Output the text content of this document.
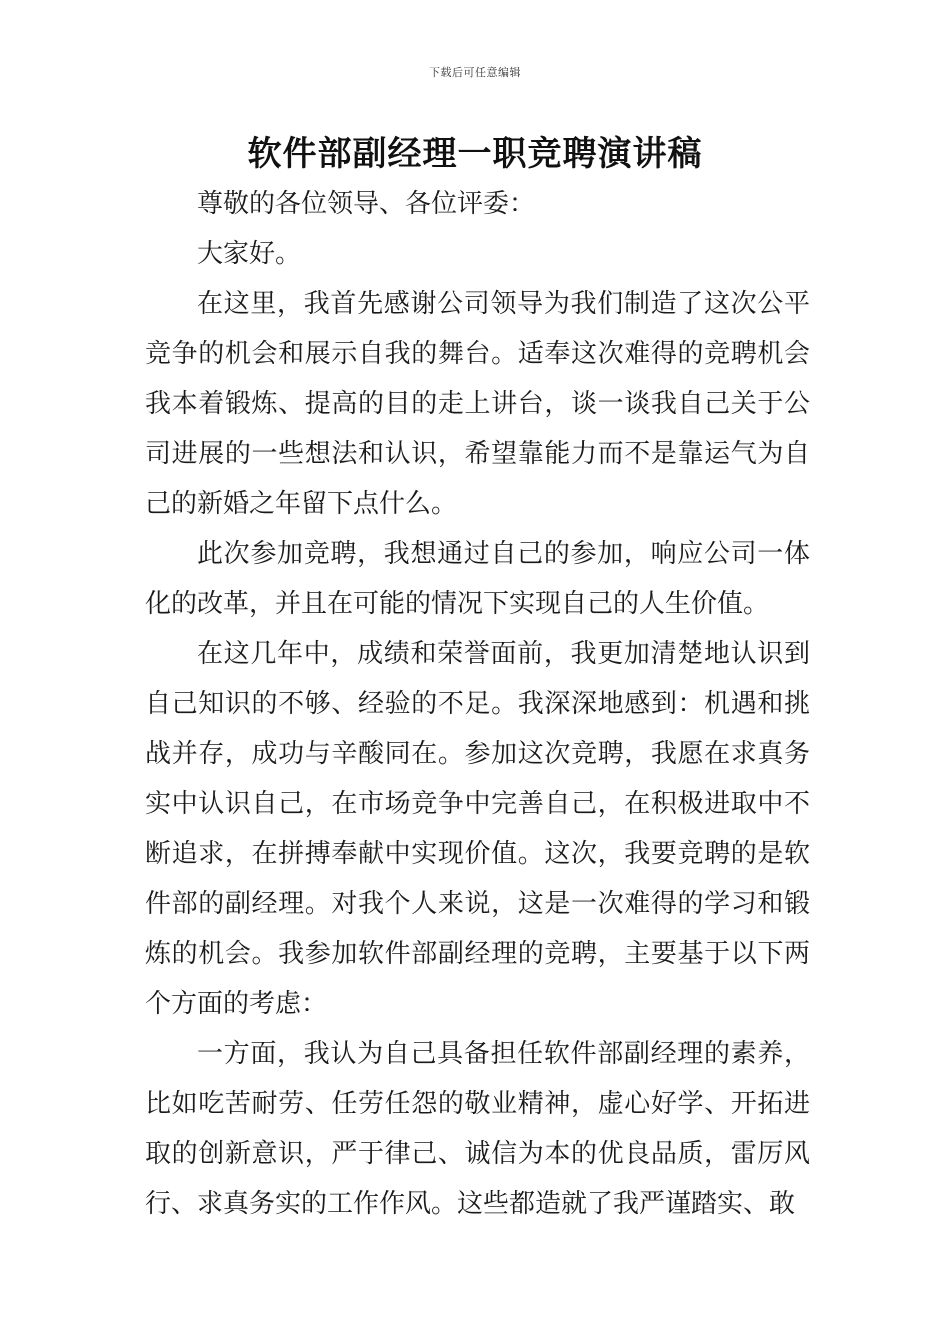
下载后可任意编辑
软件部副经理一职竞聘演讲稿

尊敬的各位领导、各位评委：

大家好。

在这里，我首先感谢公司领导为我们制造了这次公平竞争的机会和展示自我的舞台。适奉这次难得的竞聘机会我本着锻炼、提高的目的走上讲台，谈一谈我自己关于公司进展的一些想法和认识，希望靠能力而不是靠运气为自己的新婚之年留下点什么。

此次参加竞聘，我想通过自己的参加，响应公司一体化的改革，并且在可能的情况下实现自己的人生价值。

在这几年中，成绩和荣誉面前，我更加清楚地认识到自己知识的不够、经验的不足。我深深地感到：机遇和挑战并存，成功与辛酸同在。参加这次竞聘，我愿在求真务实中认识自己，在市场竞争中完善自己，在积极进取中不断追求，在拼搏奉献中实现价值。这次，我要竞聘的是软件部的副经理。对我个人来说，这是一次难得的学习和锻炼的机会。我参加软件部副经理的竞聘，主要基于以下两个方面的考虑：

一方面，我认为自己具备担任软件部副经理的素养，比如吃苦耐劳、任劳任怨的敬业精神，虚心好学、开拓进取的创新意识，严于律己、诚信为本的优良品质，雷厉风行、求真务实的工作作风。这些都造就了我严谨踏实、敢
